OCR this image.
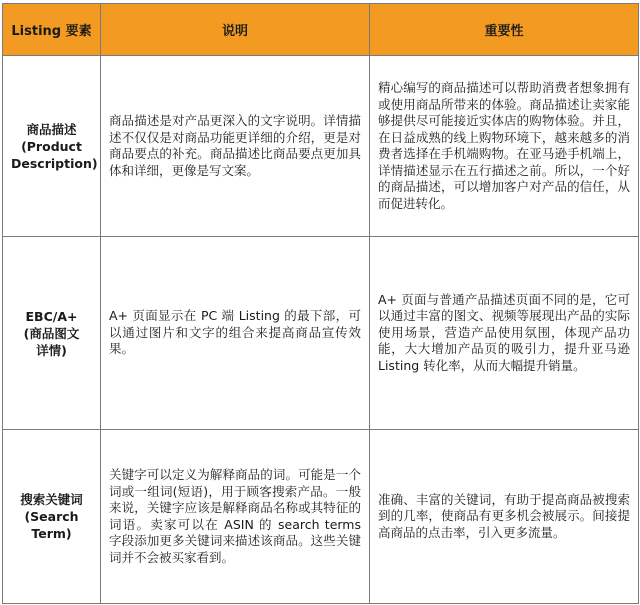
Listing 要素	说明	重要性

商品描述
(Product
Description)	商品描述是对产品更深入的文字说明。详情描述不仅仅是对商品功能更详细的介绍，更是对商品要点的补充。商品描述比商品要点更加具体和详细，更像是写文案。	精心编写的商品描述可以帮助消费者想象拥有或使用商品所带来的体验。商品描述让卖家能够提供尽可能接近实体店的购物体验。并且，在日益成熟的线上购物环境下，越来越多的消费者选择在手机端购物。在亚马逊手机端上，详情描述显示在五行描述之前。所以，一个好的商品描述，可以增加客户对产品的信任，从而促进转化。

EBC/A+
(商品图文
详情)	A+ 页面显示在 PC 端 Listing 的最下部，可以通过图片和文字的组合来提高商品宣传效果。	A+ 页面与普通产品描述页面不同的是，它可以通过丰富的图文、视频等展现出产品的实际使用场景，营造产品使用氛围，体现产品功能，大大增加产品页的吸引力，提升亚马逊 Listing 转化率，从而大幅提升销量。

搜索关键词
(Search
Term)	关键字可以定义为解释商品的词。可能是一个词或一组词(短语)，用于顾客搜索产品。一般来说，关键字应该是解释商品名称或其特征的词语。卖家可以在 ASIN 的 search terms 字段添加更多关键词来描述该商品。这些关键词并不会被买家看到。	准确、丰富的关键词，有助于提高商品被搜索到的几率，使商品有更多机会被展示。间接提高商品的点击率，引入更多流量。
